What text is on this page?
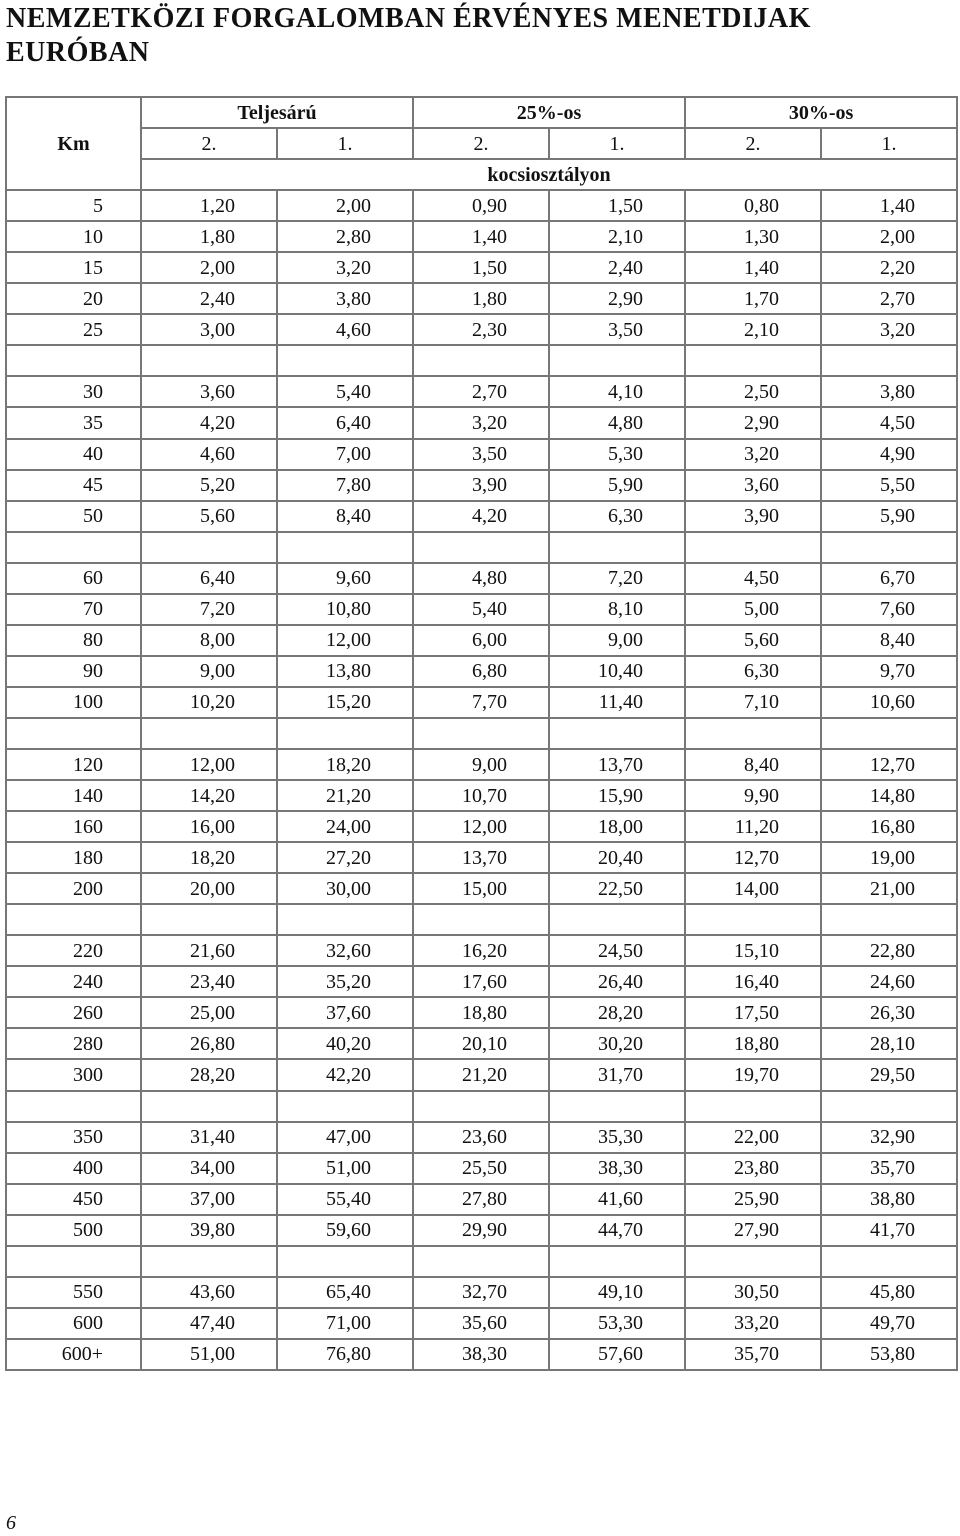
NEMZETKÖZI FORGALOMBAN ÉRVÉNYES MENETDIJAK
EURÓBAN
	Teljesárú		25%-os		30%-os	
Km	2.	1.	2.	1.	2.	1.
	kocsiosztályon					
5	1,20	2,00	0,90	1,50	0,80	1,40
10	1,80	2,80	1,40	2,10	1,30	2,00
15	2,00	3,20	1,50	2,40	1,40	2,20
20	2,40	3,80	1,80	2,90	1,70	2,70
25	3,00	4,60	2,30	3,50	2,10	3,20

30	3,60	5,40	2,70	4,10	2,50	3,80
35	4,20	6,40	3,20	4,80	2,90	4,50
40	4,60	7,00	3,50	5,30	3,20	4,90
45	5,20	7,80	3,90	5,90	3,60	5,50
50	5,60	8,40	4,20	6,30	3,90	5,90

60	6,40	9,60	4,80	7,20	4,50	6,70
70	7,20	10,80	5,40	8,10	5,00	7,60
80	8,00	12,00	6,00	9,00	5,60	8,40
90	9,00	13,80	6,80	10,40	6,30	9,70
100	10,20	15,20	7,70	11,40	7,10	10,60

120	12,00	18,20	9,00	13,70	8,40	12,70
140	14,20	21,20	10,70	15,90	9,90	14,80
160	16,00	24,00	12,00	18,00	11,20	16,80
180	18,20	27,20	13,70	20,40	12,70	19,00
200	20,00	30,00	15,00	22,50	14,00	21,00

220	21,60	32,60	16,20	24,50	15,10	22,80
240	23,40	35,20	17,60	26,40	16,40	24,60
260	25,00	37,60	18,80	28,20	17,50	26,30
280	26,80	40,20	20,10	30,20	18,80	28,10
300	28,20	42,20	21,20	31,70	19,70	29,50

350	31,40	47,00	23,60	35,30	22,00	32,90
400	34,00	51,00	25,50	38,30	23,80	35,70
450	37,00	55,40	27,80	41,60	25,90	38,80
500	39,80	59,60	29,90	44,70	27,90	41,70

550	43,60	65,40	32,70	49,10	30,50	45,80
600	47,40	71,00	35,60	53,30	33,20	49,70
600+	51,00	76,80	38,30	57,60	35,70	53,80
6
